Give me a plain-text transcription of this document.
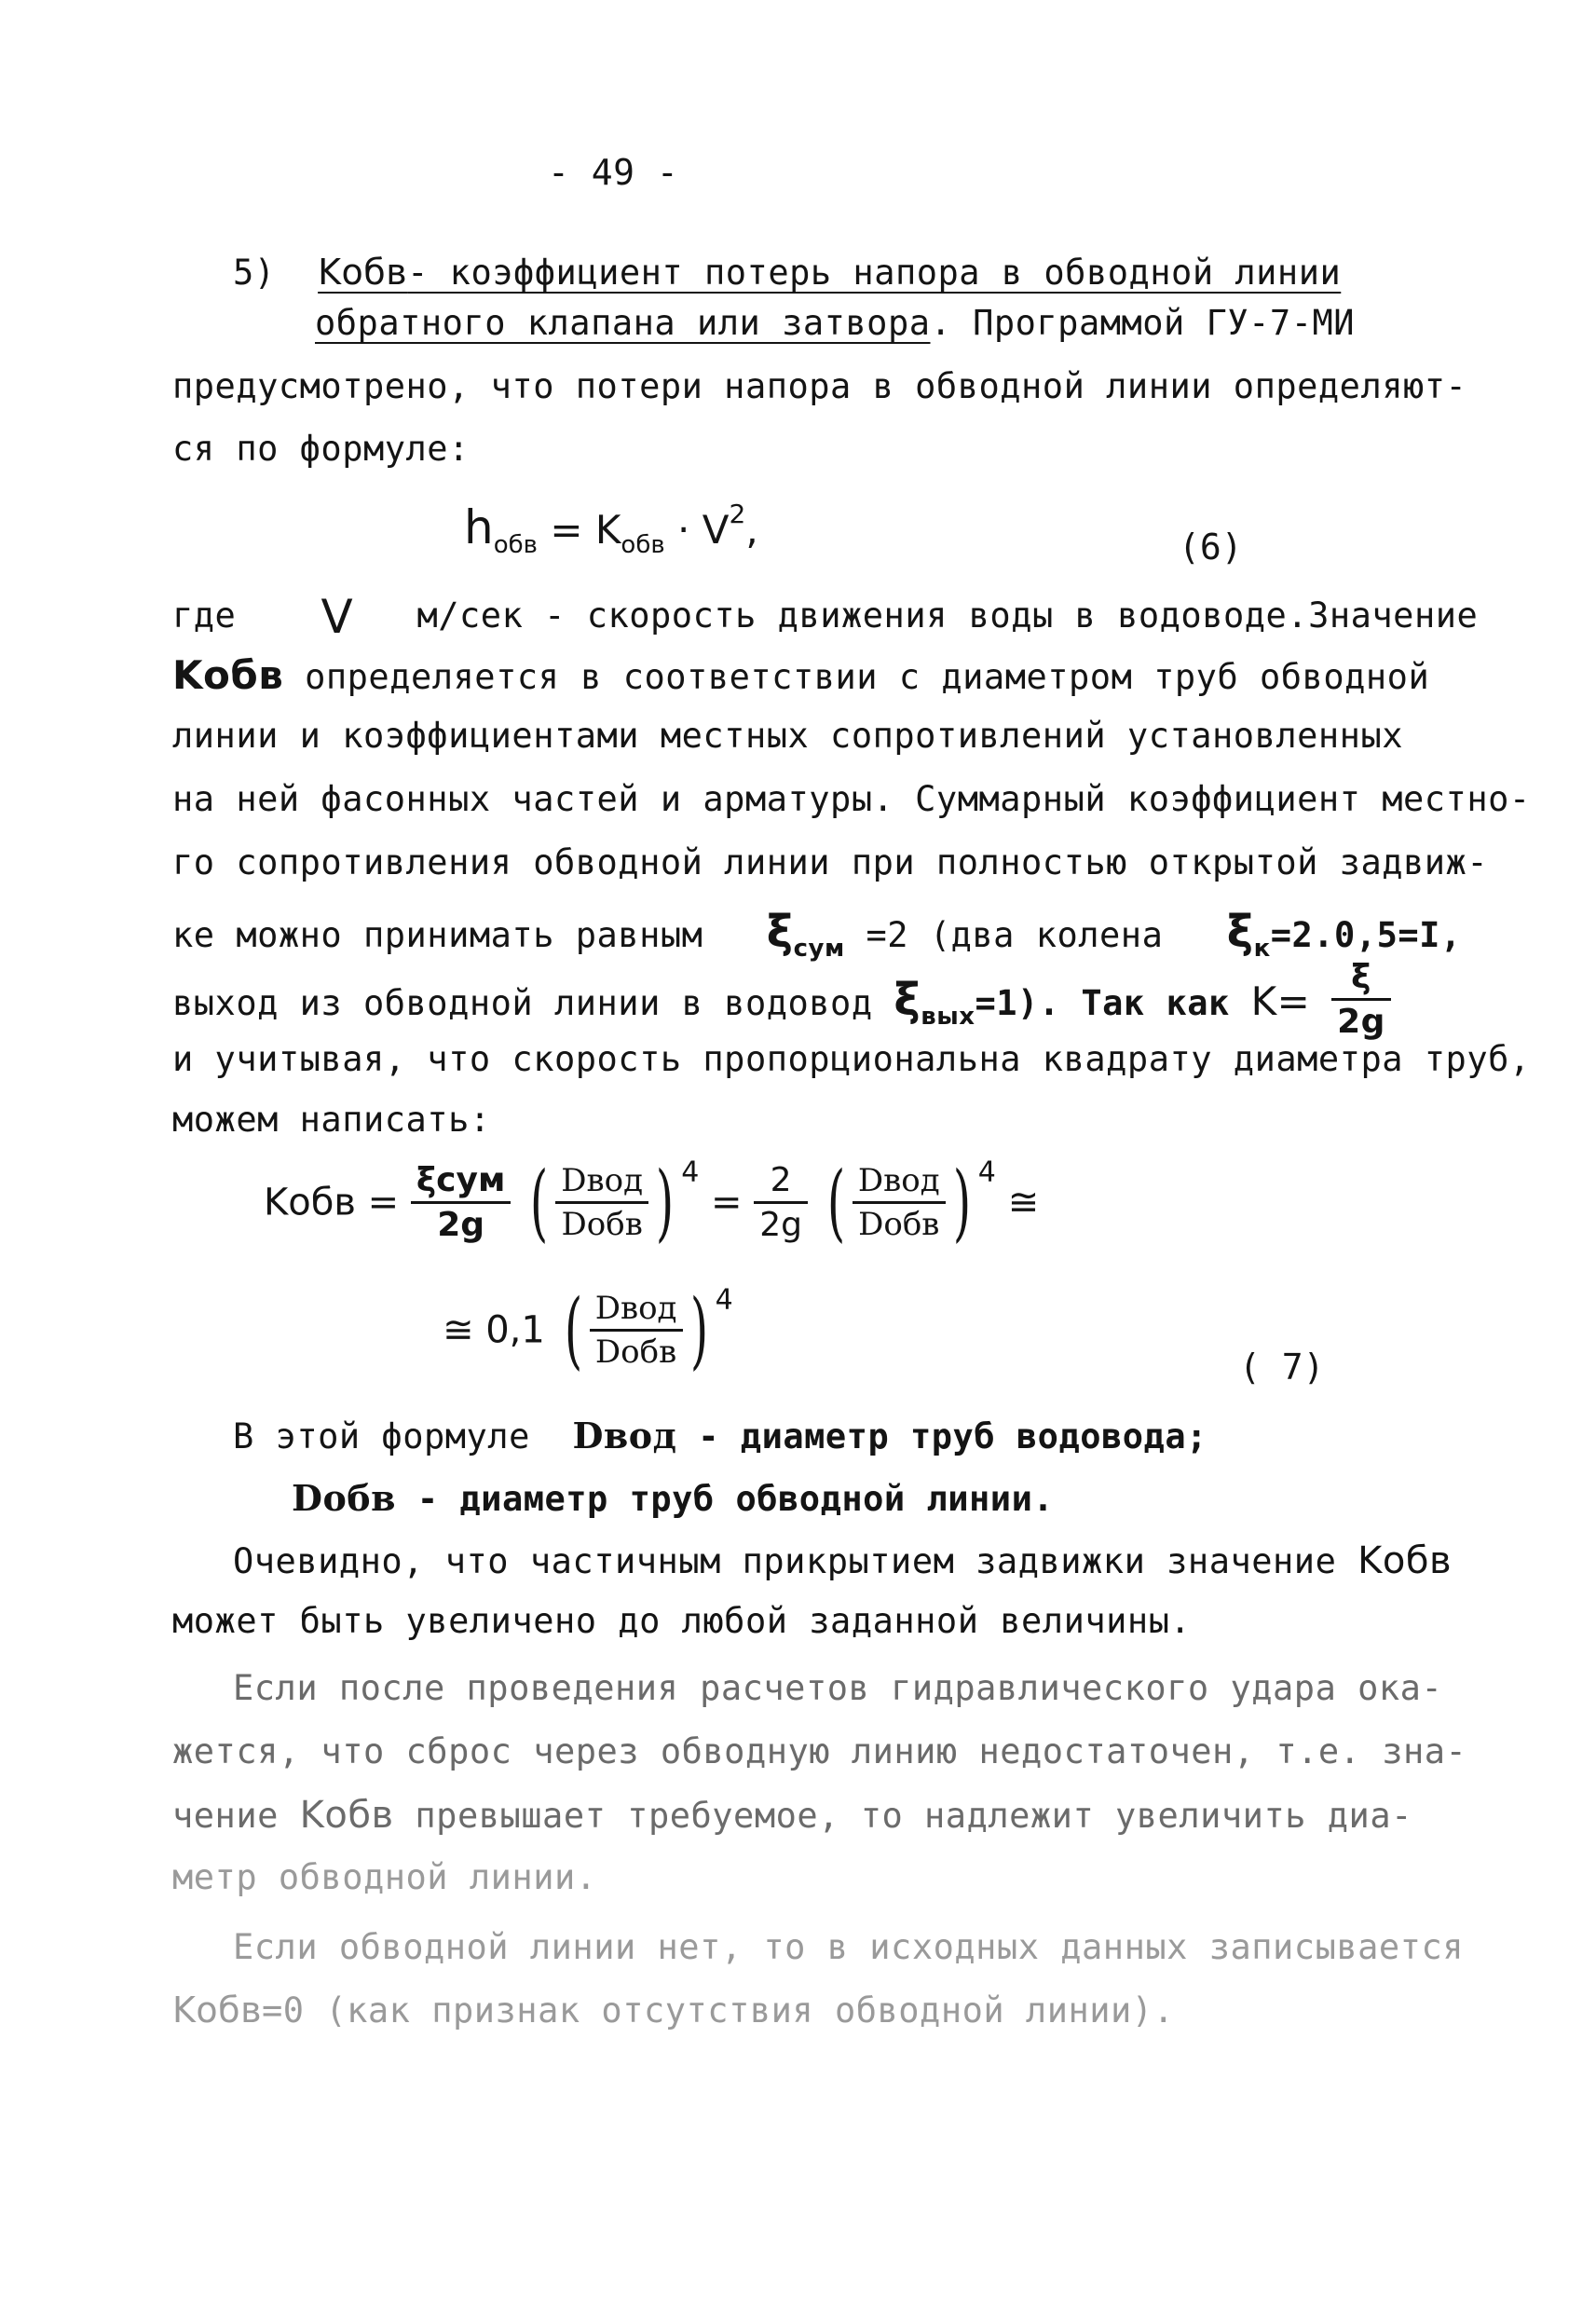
- 49 -
5) Kобв- коэффициент потерь напора в обводной линии
обратного клапана или затвора. Программой ГУ-7-МИ
предусмотрено, что потери напора в обводной линии определяют-
ся по формуле:
$h_{обв} = K_{обв} \cdot V^2$,	(6)
где V м/сек - скорость движения воды в водоводе.Значение
Kобв определяется в соответствии с диаметром труб обводной
линии и коэффициентами местных сопротивлений установленных
на ней фасонных частей и арматуры. Суммарный коэффициент местно-
го сопротивления обводной линии при полностью открытой задвиж-
ке можно принимать равным $\xi_{сум} =2$ (два колена $\xi_к=2.0,5=I$,
выход из обводной линии в водовод $\xi_{вых}=1$). Так как $K= \frac{\xi}{2g}$
и учитывая, что скорость пропорциональна квадрату диаметра труб,
можем написать:
Kобв = $\frac{\text{ξсум}}{2g}$ ( $\frac{\text{Dвод}}{\text{Dобв}}$ ) $^4 = \frac{2}{2g}$ ( $\frac{\text{Dвод}}{\text{Dобв}}$ ) $^4$ ≅
≅ 0,1 ( $\frac{\text{Dвод}}{\text{Dобв}}$ ) $^4$
( 7)
В этой формуле Dвод - диаметр труб водовода;
Dобв - диаметр труб обводной линии.
Очевидно, что частичным прикрытием задвижки значение Kобв
может быть увеличено до любой заданной величины.
Если после проведения расчетов гидравлического удара ока-
жется, что сброс через обводную линию недостаточен, т.е. зна-
чение Kобв превышает требуемое, то надлежит увеличить диа-
метр обводной линии.
Если обводной линии нет, то в исходных данных записывается
Kобв=0 (как признак отсутствия обводной линии).
